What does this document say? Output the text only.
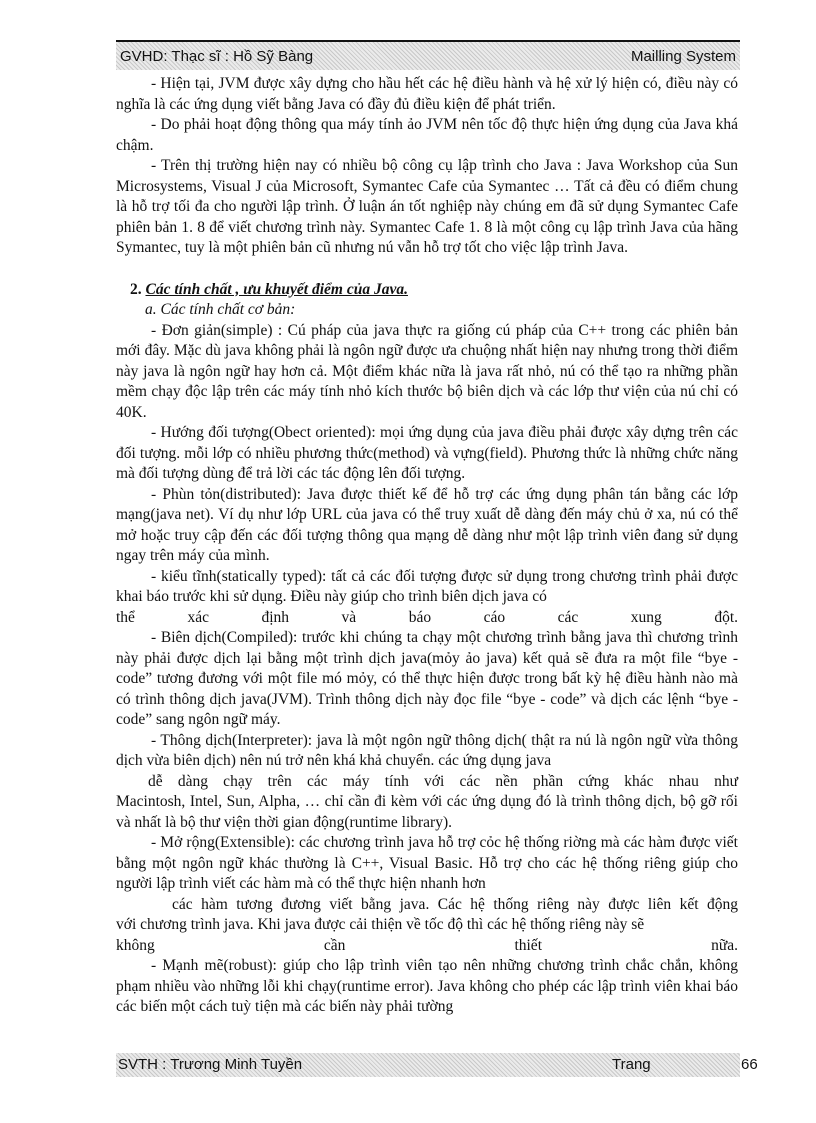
GVHD: Thạc sĩ : Hồ Sỹ Bàng	Mailling System

- Hiện tại, JVM được xây dựng cho hầu hết các hệ điều hành và hệ xử lý hiện có, điều này có nghĩa là các ứng dụng viết bằng Java có đầy đủ điều kiện để phát triển.

- Do phải hoạt động thông qua máy tính ảo JVM nên tốc độ thực hiện ứng dụng của Java khá chậm.

- Trên thị trường hiện nay có nhiều bộ công cụ lập trình cho Java : Java Workshop của Sun Microsystems, Visual J của Microsoft, Symantec Cafe của Symantec … Tất cả đều có điểm chung là hỗ trợ tối đa cho người lập trình. Ở luận án tốt nghiệp này chúng em đã sử dụng Symantec Cafe phiên bản 1. 8 để viết chương trình này. Symantec Cafe 1. 8 là một công cụ lập trình Java của hãng Symantec, tuy là một phiên bản cũ nhưng nú vẫn hỗ trợ tốt cho việc lập trình Java.

2. Các tính chất , ưu khuyết điểm của Java.

a. Các tính chất cơ bản:

- Đơn giản(simple) : Cú pháp của java thực ra giống cú pháp của C++ trong các phiên bản mới đây. Mặc dù java không phải là ngôn ngữ được ưa chuộng nhất hiện nay nhưng trong thời điểm này java là ngôn ngữ hay hơn cả. Một điểm khác nữa là java rất nhỏ, nú có thể tạo ra những phần mềm chạy độc lập trên các máy tính nhỏ kích thước bộ biên dịch và các lớp thư viện của nú chỉ có 40K.

- Hướng đối tượng(Obect oriented): mọi ứng dụng của java điều phải được xây dựng trên các đối tượng. mỗi lớp có nhiều phương thức(method) và vựng(field). Phương thức là những chức năng mà đối tượng dùng để trả lời các tác động lên đối tượng.

- Phùn tỏn(distributed): Java được thiết kế để hỗ trợ các ứng dụng phân tán bằng các lớp mạng(java net). Ví dụ như lớp URL của java có thể truy xuất dễ dàng đến máy chủ ở xa, nú có thể mở hoặc truy cập đến các đối tượng thông qua mạng dễ dàng như một lập trình viên đang sử dụng ngay trên máy của mình.

- kiểu tĩnh(statically typed): tất cả các đối tượng được sử dụng trong chương trình phải được khai báo trước khi sử dụng. Điều này giúp cho trình biên dịch java có

thể xác định và báo cáo các xung đột.

- Biên dịch(Compiled): trước khi chúng ta chạy một chương trình bằng java thì chương trình này phải được dịch lại bằng một trình dịch java(mỏy ảo java) kết quả sẽ đưa ra một file “bye - code” tương đương với một file mó mỏy, có thể thực hiện được trong bất kỳ hệ điều hành nào mà có trình thông dịch java(JVM). Trình thông dịch này đọc file “bye - code” và dịch các lệnh “bye - code” sang ngôn ngữ máy.

- Thông dịch(Interpreter): java là một ngôn ngữ thông dịch( thật ra nú là ngôn ngữ vừa thông dịch vừa biên dịch) nên nú trở nên khá khả chuyển. các ứng dụng java

dễ dàng chạy trên các máy tính với các nền phần cứng khác nhau như

Macintosh, Intel, Sun, Alpha, … chỉ cần đi kèm với các ứng dụng đó là trình thông dịch, bộ gỡ rối và nhất là bộ thư viện thời gian động(runtime library).

- Mở rộng(Extensible): các chương trình java hỗ trợ cỏc hệ thống riờng mà các hàm được viết bằng một ngôn ngữ khác thường là C++, Visual Basic. Hỗ trợ cho các hệ thống riêng giúp cho người lập trình viết các hàm mà có thể thực hiện nhanh hơn

các hàm tương đương viết bằng java. Các hệ thống riêng này được liên kết động

với chương trình java. Khi java được cải thiện về tốc độ thì các hệ thống riêng này sẽ

không cần thiết nữa.

- Mạnh mẽ(robust): giúp cho lập trình viên tạo nên những chương trình chắc chắn, không phạm nhiều vào những lỗi khi chạy(runtime error). Java không cho phép các lập trình viên khai báo các biến một cách tuỳ tiện mà các biến này phải tường

SVTH : Trương Minh Tuyền	Trang	66
